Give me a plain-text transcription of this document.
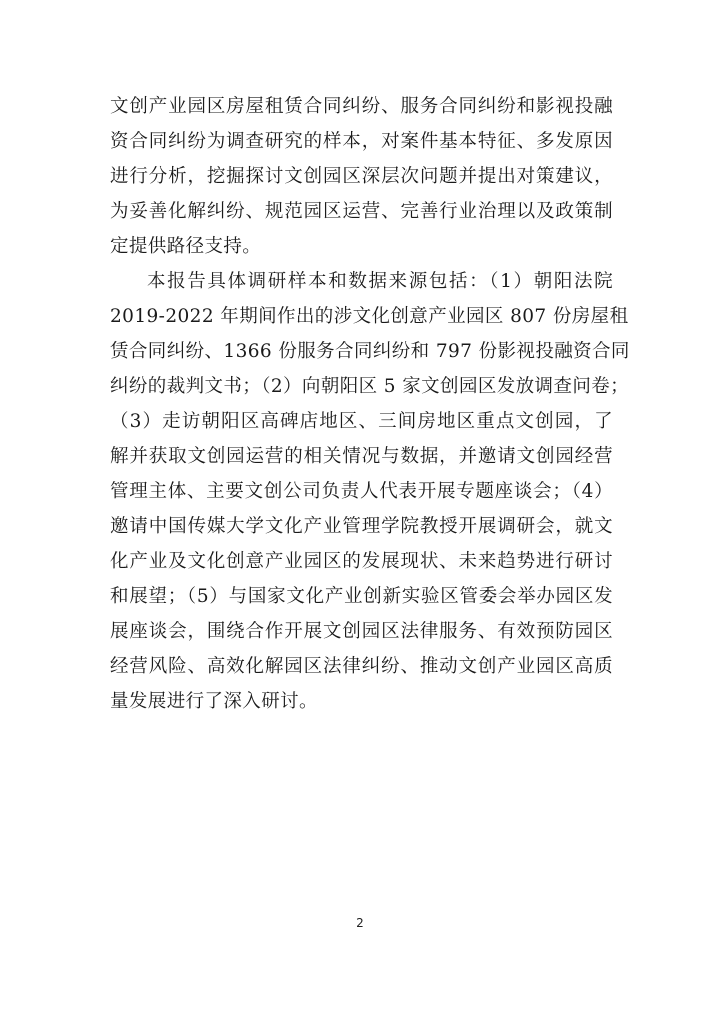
文创产业园区房屋租赁合同纠纷、服务合同纠纷和影视投融
资合同纠纷为调查研究的样本，对案件基本特征、多发原因
进行分析，挖掘探讨文创园区深层次问题并提出对策建议，
为妥善化解纠纷、规范园区运营、完善行业治理以及政策制
定提供路径支持。
本报告具体调研样本和数据来源包括：（1）朝阳法院
2019-2022 年期间作出的涉文化创意产业园区 807 份房屋租
赁合同纠纷、1366 份服务合同纠纷和 797 份影视投融资合同
纠纷的裁判文书；（2）向朝阳区 5 家文创园区发放调查问卷；
（3）走访朝阳区高碑店地区、三间房地区重点文创园，了
解并获取文创园运营的相关情况与数据，并邀请文创园经营
管理主体、主要文创公司负责人代表开展专题座谈会；（4）
邀请中国传媒大学文化产业管理学院教授开展调研会，就文
化产业及文化创意产业园区的发展现状、未来趋势进行研讨
和展望；（5）与国家文化产业创新实验区管委会举办园区发
展座谈会，围绕合作开展文创园区法律服务、有效预防园区
经营风险、高效化解园区法律纠纷、推动文创产业园区高质
量发展进行了深入研讨。
2
